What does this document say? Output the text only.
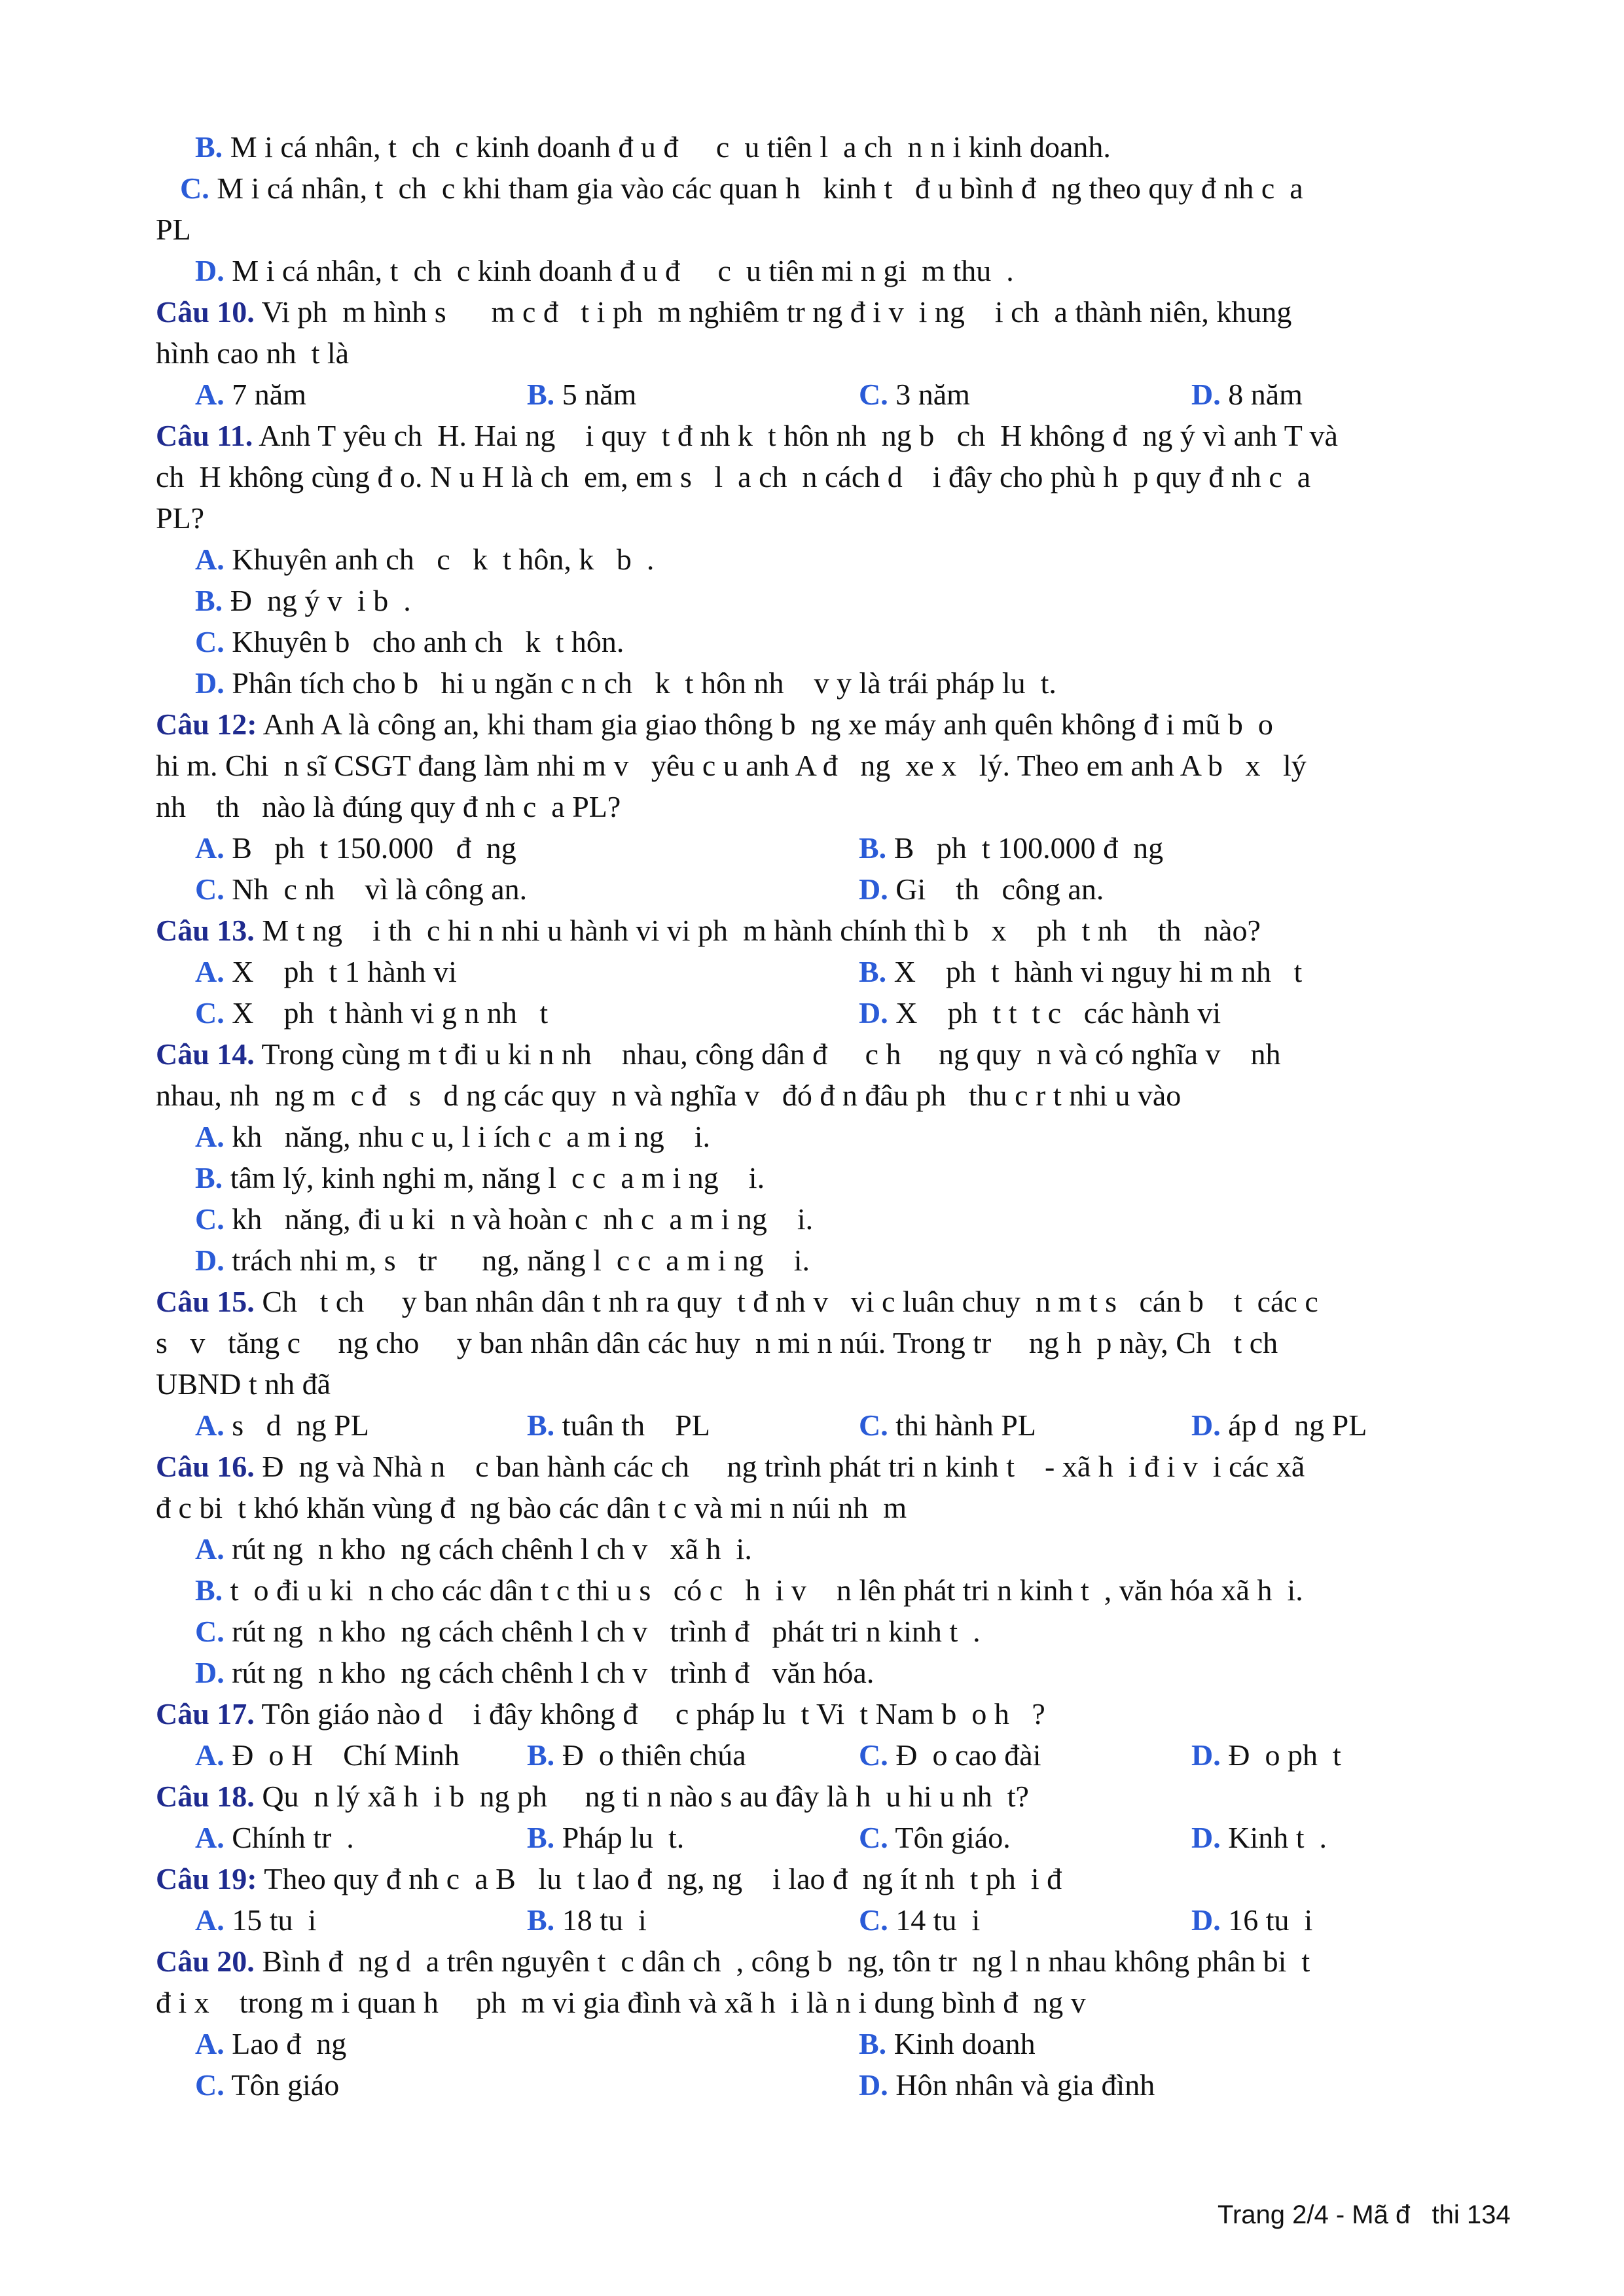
B. M i cá nhân, t  ch  c kinh doanh đ u đ     c  u tiên l  a ch  n n i kinh doanh.
C. M i cá nhân, t  ch  c khi tham gia vào các quan h   kinh t   đ u bình đ  ng theo quy đ nh c  a
PL
D. M i cá nhân, t  ch  c kinh doanh đ u đ     c  u tiên mi n gi  m thu  .
Câu 10. Vi ph  m hình s      m c đ   t i ph  m nghiêm tr ng đ i v  i ng    i ch  a thành niên, khung
hình cao nh  t là
Câu 11. Anh T yêu ch  H. Hai ng    i quy  t đ nh k  t hôn nh  ng b   ch  H không đ  ng ý vì anh T và
ch  H không cùng đ o. N u H là ch  em, em s   l  a ch  n cách d    i đây cho phù h  p quy đ nh c  a
PL?
A. Khuyên anh ch   c   k  t hôn, k   b  .
B. Đ  ng ý v  i b  .
C. Khuyên b   cho anh ch   k  t hôn.
D. Phân tích cho b   hi u ngăn c n ch   k  t hôn nh    v y là trái pháp lu  t.
Câu 12: Anh A là công an, khi tham gia giao thông b  ng xe máy anh quên không đ i mũ b  o
hi m. Chi  n sĩ CSGT đang làm nhi m v   yêu c u anh A đ   ng  xe x   lý. Theo em anh A b   x   lý
nh    th   nào là đúng quy đ nh c  a PL?
A. 7 năm	B. 5 năm	C. 3 năm	D. 8 năm
A. B   ph  t 150.000   đ  ng	B. B   ph  t 100.000 đ  ng
C. Nh  c nh    vì là công an.	D. Gi    th   công an.
Câu 13. M t ng    i th  c hi n nhi u hành vi vi ph  m hành chính thì b   x    ph  t nh    th   nào?
Câu 14. Trong cùng m t đi u ki n nh    nhau, công dân đ     c h     ng quy  n và có nghĩa v    nh
nhau, nh  ng m  c đ   s   d ng các quy  n và nghĩa v   đó đ n đâu ph   thu c r t nhi u vào
A. kh   năng, nhu c u, l i ích c  a m i ng    i.
B. tâm lý, kinh nghi m, năng l  c c  a m i ng    i.
C. kh   năng, đi u ki  n và hoàn c  nh c  a m i ng    i.
D. trách nhi m, s   tr      ng, năng l  c c  a m i ng    i.
Câu 15. Ch   t ch     y ban nhân dân t nh ra quy  t đ nh v   vi c luân chuy  n m t s   cán b    t  các c
s   v   tăng c     ng cho     y ban nhân dân các huy  n mi n núi. Trong tr     ng h  p này, Ch   t ch
UBND t nh đã
A. X    ph  t 1 hành vi	B. X    ph  t  hành vi nguy hi m nh   t
C. X    ph  t hành vi g n nh   t	D. X    ph  t t  t c   các hành vi
A. s   d  ng PL	B. tuân th    PL	C. thi hành PL	D. áp d  ng PL
Câu 16. Đ  ng và Nhà n    c ban hành các ch     ng trình phát tri n kinh t    - xã h  i đ i v  i các xã
đ c bi  t khó khăn vùng đ  ng bào các dân t c và mi n núi nh  m
A. rút ng  n kho  ng cách chênh l ch v   xã h  i.
B. t  o đi u ki  n cho các dân t c thi u s   có c   h  i v    n lên phát tri n kinh t  , văn hóa xã h  i.
C. rút ng  n kho  ng cách chênh l ch v   trình đ   phát tri n kinh t  .
D. rút ng  n kho  ng cách chênh l ch v   trình đ   văn hóa.
Câu 17. Tôn giáo nào d    i đây không đ     c pháp lu  t Vi  t Nam b  o h   ?
Câu 18. Qu  n lý xã h  i b  ng ph     ng ti n nào s au đây là h  u hi u nh  t?
Câu 19: Theo quy đ nh c  a B   lu  t lao đ  ng, ng    i lao đ  ng ít nh  t ph  i đ
Câu 20. Bình đ  ng d  a trên nguyên t  c dân ch  , công b  ng, tôn tr  ng l n nhau không phân bi  t
đ i x    trong m i quan h     ph  m vi gia đình và xã h  i là n i dung bình đ  ng v
A. Đ  o H    Chí Minh B. Đ  o thiên chúa	C. Đ  o cao đài	D. Đ  o ph  t
A. Chính tr  .	B. Pháp lu  t.	C. Tôn giáo.	D. Kinh t  .
A. 15 tu  i	B. 18 tu  i	C. 14 tu  i	D. 16 tu  i
A. Lao đ  ng	B. Kinh doanh
C. Tôn giáo	D. Hôn nhân và gia đình
Trang 2/4 - Mã đ   thi 134
